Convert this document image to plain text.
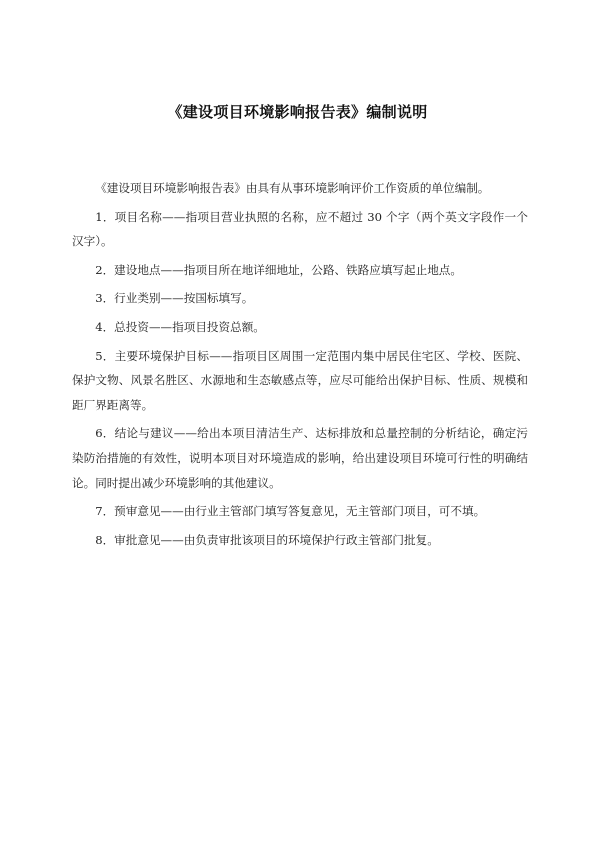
《建设项目环境影响报告表》编制说明

《建设项目环境影响报告表》由具有从事环境影响评价工作资质的单位编制。

1．项目名称——指项目营业执照的名称，应不超过 30 个字（两个英文字段作一个汉字）。

2．建设地点——指项目所在地详细地址，公路、铁路应填写起止地点。

3．行业类别——按国标填写。

4．总投资——指项目投资总额。

5．主要环境保护目标——指项目区周围一定范围内集中居民住宅区、学校、医院、保护文物、风景名胜区、水源地和生态敏感点等，应尽可能给出保护目标、性质、规模和距厂界距离等。

6．结论与建议——给出本项目清洁生产、达标排放和总量控制的分析结论，确定污染防治措施的有效性，说明本项目对环境造成的影响，给出建设项目环境可行性的明确结论。同时提出减少环境影响的其他建议。

7．预审意见——由行业主管部门填写答复意见，无主管部门项目，可不填。

8．审批意见——由负责审批该项目的环境保护行政主管部门批复。
